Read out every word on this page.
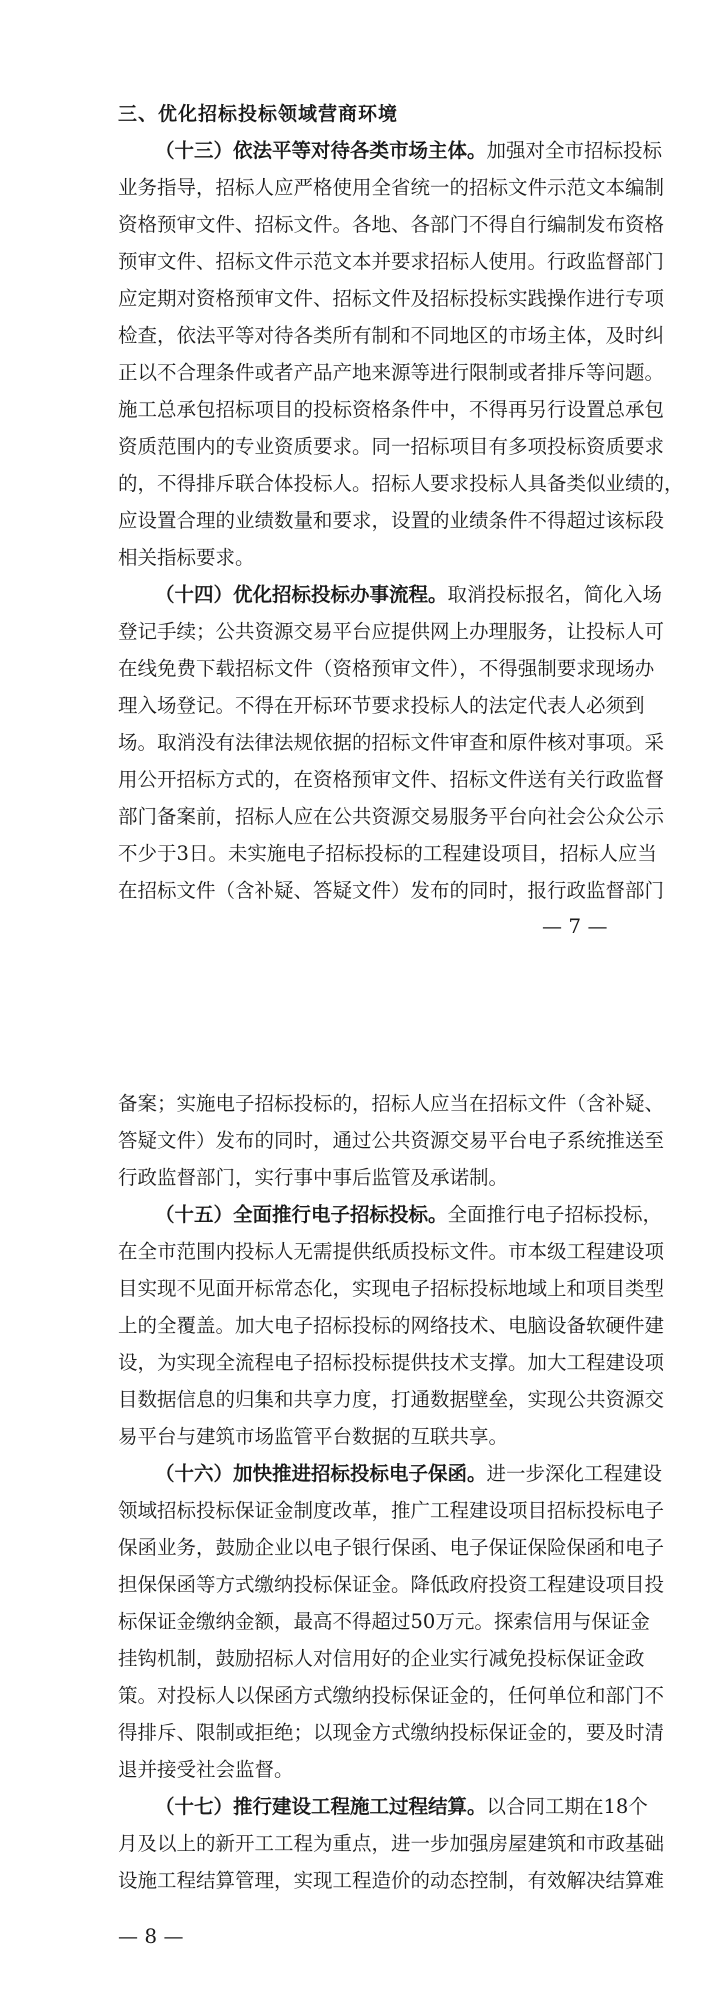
三、优化招标投标领域营商环境
（十三）依法平等对待各类市场主体。加强对全市招标投标
业务指导，招标人应严格使用全省统一的招标文件示范文本编制
资格预审文件、招标文件。各地、各部门不得自行编制发布资格
预审文件、招标文件示范文本并要求招标人使用。行政监督部门
应定期对资格预审文件、招标文件及招标投标实践操作进行专项
检查，依法平等对待各类所有制和不同地区的市场主体，及时纠
正以不合理条件或者产品产地来源等进行限制或者排斥等问题。
施工总承包招标项目的投标资格条件中，不得再另行设置总承包
资质范围内的专业资质要求。同一招标项目有多项投标资质要求
的，不得排斥联合体投标人。招标人要求投标人具备类似业绩的，
应设置合理的业绩数量和要求，设置的业绩条件不得超过该标段
相关指标要求。
（十四）优化招标投标办事流程。取消投标报名，简化入场
登记手续；公共资源交易平台应提供网上办理服务，让投标人可
在线免费下载招标文件（资格预审文件），不得强制要求现场办
理入场登记。不得在开标环节要求投标人的法定代表人必须到
场。取消没有法律法规依据的招标文件审查和原件核对事项。采
用公开招标方式的，在资格预审文件、招标文件送有关行政监督
部门备案前，招标人应在公共资源交易服务平台向社会公众公示
不少于3日。未实施电子招标投标的工程建设项目，招标人应当
在招标文件（含补疑、答疑文件）发布的同时，报行政监督部门
— 7 —
备案；实施电子招标投标的，招标人应当在招标文件（含补疑、
答疑文件）发布的同时，通过公共资源交易平台电子系统推送至
行政监督部门，实行事中事后监管及承诺制。
（十五）全面推行电子招标投标。全面推行电子招标投标，
在全市范围内投标人无需提供纸质投标文件。市本级工程建设项
目实现不见面开标常态化，实现电子招标投标地域上和项目类型
上的全覆盖。加大电子招标投标的网络技术、电脑设备软硬件建
设，为实现全流程电子招标投标提供技术支撑。加大工程建设项
目数据信息的归集和共享力度，打通数据壁垒，实现公共资源交
易平台与建筑市场监管平台数据的互联共享。
（十六）加快推进招标投标电子保函。进一步深化工程建设
领域招标投标保证金制度改革，推广工程建设项目招标投标电子
保函业务，鼓励企业以电子银行保函、电子保证保险保函和电子
担保保函等方式缴纳投标保证金。降低政府投资工程建设项目投
标保证金缴纳金额，最高不得超过50万元。探索信用与保证金
挂钩机制，鼓励招标人对信用好的企业实行减免投标保证金政
策。对投标人以保函方式缴纳投标保证金的，任何单位和部门不
得排斥、限制或拒绝；以现金方式缴纳投标保证金的，要及时清
退并接受社会监督。
（十七）推行建设工程施工过程结算。以合同工期在18个
月及以上的新开工工程为重点，进一步加强房屋建筑和市政基础
设施工程结算管理，实现工程造价的动态控制，有效解决结算难
— 8 —
